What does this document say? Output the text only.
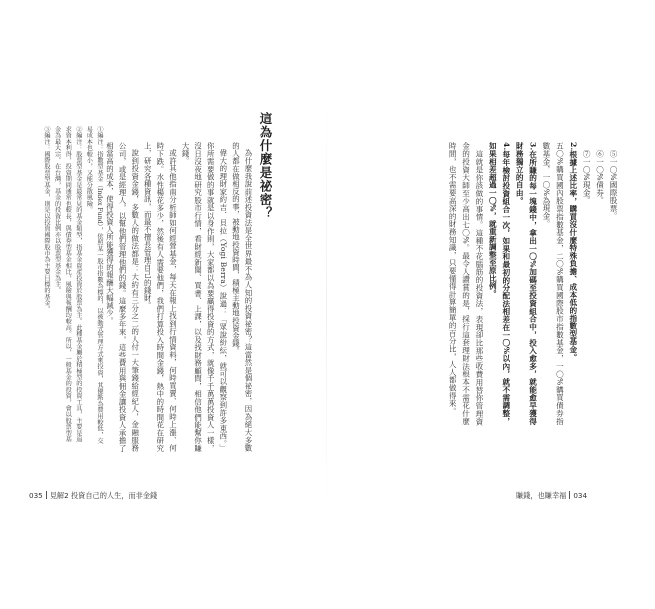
⑤一〇%國際股票。

⑥一〇%債券。

⑦一〇%現金。

2.根據上述比率，購買沒什麼特殊負擔、成本低的指數型基金。

五〇%購買國內股票指數基金，二〇%購買國際股市指數基金，一〇%購買債券指數基金，一〇%為現金。

3.在所賺的每一塊錢中，拿出一〇%加碼至投資組合中，投入愈多，就能愈早獲得財務獨立的自由。

4.每年檢討投資組合一次，如果和最初的分配法相差在一〇%以內，就不需調整，如果相差超過一〇%，就重新調整至原比例。

這就是你該做的事情。這種不花腦筋的投資法，表現卻比那些收費用替你管理資金的投資大師至少高出七〇%。最令人讚賞的是，採行這套理財法根本不需花什麼時間，也不需要高深的財務知識，只要懂得計算簡單的百分比，人人都做得來。

這為什麼是祕密？

為什麼我說前述投資法是全世界最不為人知的投資祕密？這當然是個祕密，因為絕大多數的人都在做相反的事，被動地投資時間，積極主動地投資金錢。

偉大的理財家約吉．貝拉（Yogi Berra）說過：「眾說紛紜，就可以觀察到許多東西。」你所需要做的事就是以身作則，大家都以為要贏得投資的方式，就像千千萬萬投資人一樣，沒日沒夜地研究股市行情，看財經新聞、買書、上課，以及找財務顧問，相信他們能幫你賺大錢。

或許其他指南分析師如何經營基金，每天在報上找到行情資料，何時買賣、何時上漲、何時下跌。水性楊花多少，然後有人需要他們，我們打算投入時間金錢，熱中的時間花在研究上，研究各種資訊，而最不擅長管理自己的錢財。

說到投資金錢，多數人的做法都是：大約有三分之二的人付一大筆錢給經紀人，金融服務公司，或是經理人，以幫他們管理他們的錢。這麼多年來，這些費用與佣金讓投資人承擔了相當高的成本，使得投資人所能獲得的報酬大幅減少。

①編注：指數型基金（Index Fund），依照某一股市指數為標的，以被動式管理方式來投資，其優點為費用較低，交易成本也較小，又能分散風險。

②編注：股票型基金是最常見的基金類型，指基金資產投資於股票為主。此種基金屬於積極型的投資工具，主要是追求資本利得，投資期間通常也較長，與債券型基金相比，風險與報酬均較高。所以，一般基金的投資，會以股票型基金為最大宗。在台灣，基金的投資比例亦以股票型基金為主。

③編注：國際股票型基金，則是以投資國際股市為主要目標的基金。

035 見解2 投資自己的人生，而非金錢	賺錢，也賺幸福 034
